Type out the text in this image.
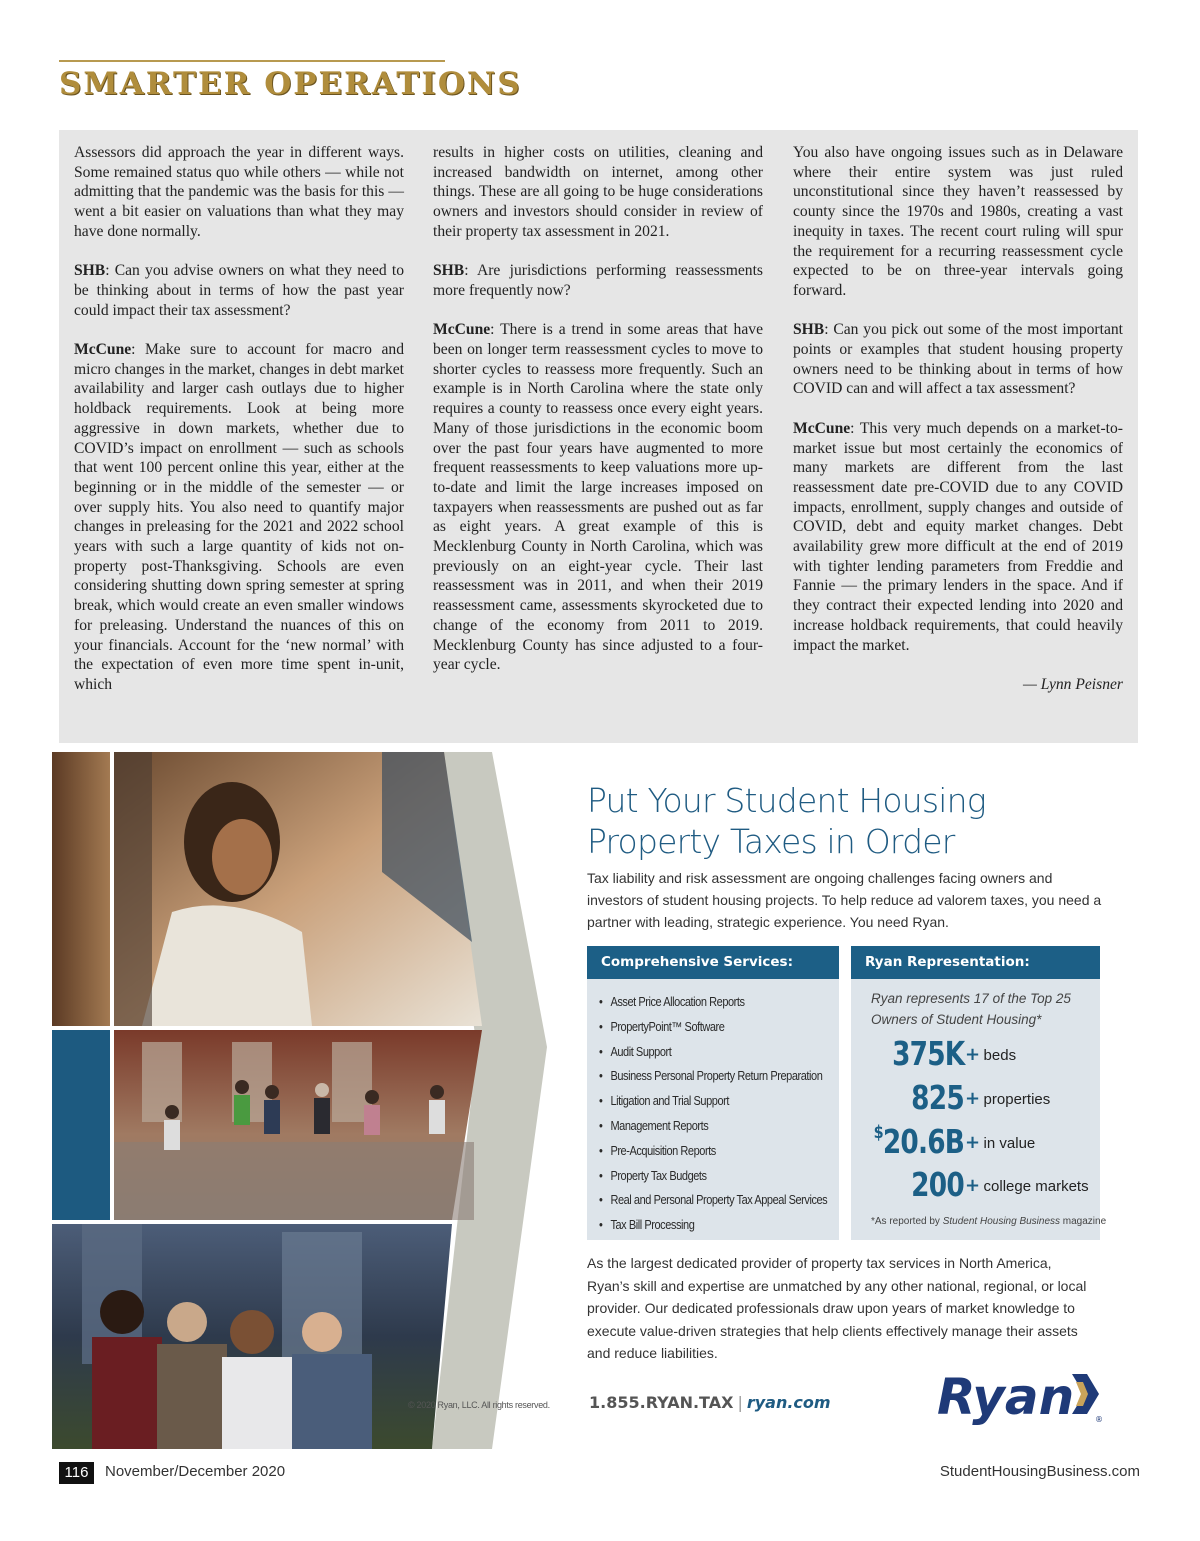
SMARTER OPERATIONS

Assessors did approach the year in different ways. Some remained status quo while others — while not admitting that the pandemic was the basis for this — went a bit easier on valuations than what they may have done normally.

SHB: Can you advise owners on what they need to be thinking about in terms of how the past year could impact their tax assessment?

McCune: Make sure to account for macro and micro changes in the market, changes in debt market availability and larger cash outlays due to higher holdback requirements. Look at being more aggressive in down markets, whether due to COVID’s impact on enrollment — such as schools that went 100 percent online this year, either at the beginning or in the middle of the semester — or over supply hits. You also need to quantify major changes in preleasing for the 2021 and 2022 school years with such a large quantity of kids not on-property post-Thanksgiving. Schools are even considering shutting down spring semester at spring break, which would create an even smaller windows for preleasing. Understand the nuances of this on your financials. Account for the ‘new normal’ with the expectation of even more time spent in-unit, which

results in higher costs on utilities, cleaning and increased bandwidth on internet, among other things. These are all going to be huge considerations owners and investors should consider in review of their property tax assessment in 2021.

SHB: Are jurisdictions performing reassessments more frequently now?

McCune: There is a trend in some areas that have been on longer term reassessment cycles to move to shorter cycles to reassess more frequently. Such an example is in North Carolina where the state only requires a county to reassess once every eight years. Many of those jurisdictions in the economic boom over the past four years have augmented to more frequent reassessments to keep valuations more up-to-date and limit the large increases imposed on taxpayers when reassessments are pushed out as far as eight years. A great example of this is Mecklenburg County in North Carolina, which was previously on an eight-year cycle. Their last reassessment was in 2011, and when their 2019 reassessment came, assessments skyrocketed due to change of the economy from 2011 to 2019. Mecklenburg County has since adjusted to a four-year cycle.

You also have ongoing issues such as in Delaware where their entire system was just ruled unconstitutional since they haven’t reassessed by county since the 1970s and 1980s, creating a vast inequity in taxes. The recent court ruling will spur the requirement for a recurring reassessment cycle expected to be on three-year intervals going forward.

SHB: Can you pick out some of the most important points or examples that student housing property owners need to be thinking about in terms of how COVID can and will affect a tax assessment?

McCune: This very much depends on a market-to-market issue but most certainly the economics of many markets are different from the last reassessment date pre-COVID due to any COVID impacts, enrollment, supply changes and outside of COVID, debt and equity market changes. Debt availability grew more difficult at the end of 2019 with tighter lending parameters from Freddie and Fannie — the primary lenders in the space. And if they contract their expected lending into 2020 and increase holdback requirements, that could heavily impact the market.

— Lynn Peisner
Put Your Student Housing
Property Taxes in Order
Tax liability and risk assessment are ongoing challenges facing owners and investors of student housing projects. To help reduce ad valorem taxes, you need a partner with leading, strategic experience. You need Ryan.
Comprehensive Services:
• Asset Price Allocation Reports
• PropertyPoint™ Software
• Audit Support
• Business Personal Property Return Preparation
• Litigation and Trial Support
• Management Reports
• Pre-Acquisition Reports
• Property Tax Budgets
• Real and Personal Property Tax Appeal Services
• Tax Bill Processing
Ryan Representation:
Ryan represents 17 of the Top 25 Owners of Student Housing*
375K + beds
825 + properties
$20.6B + in value
200 + college markets
*As reported by Student Housing Business magazine
As the largest dedicated provider of property tax services in North America, Ryan’s skill and expertise are unmatched by any other national, regional, or local provider. Our dedicated professionals draw upon years of market knowledge to execute value-driven strategies that help clients effectively manage their assets and reduce liabilities.
© 2020 Ryan, LLC. All rights reserved. 1.855.RYAN.TAX | ryan.com Ryan	®
116	November/December 2020	StudentHousingBusiness.com
